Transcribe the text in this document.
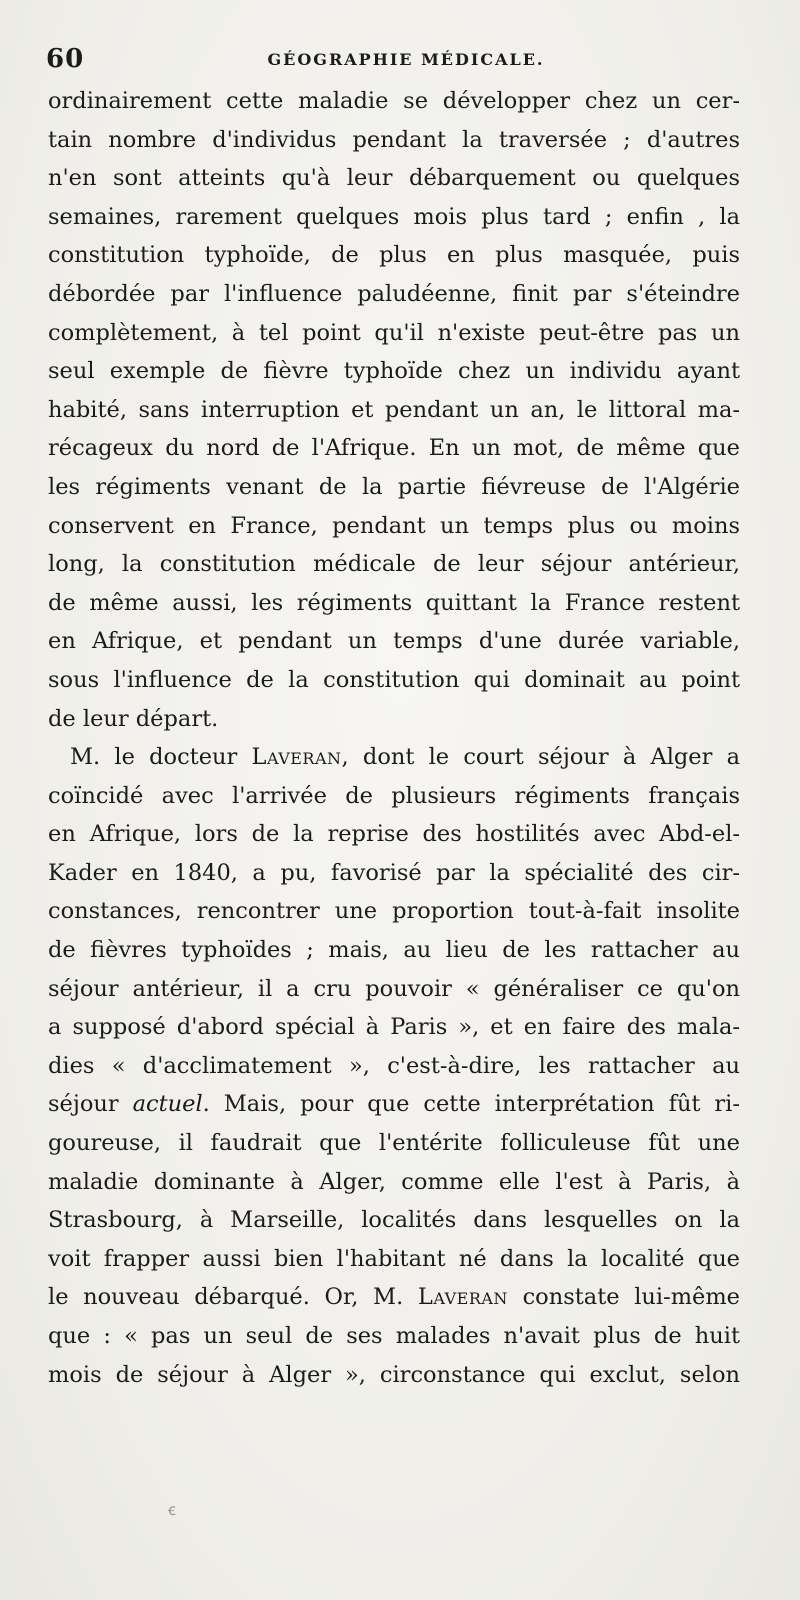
60	GÉOGRAPHIE MÉDICALE.
ordinairement cette maladie se développer chez un cer-
tain nombre d'individus pendant la traversée ; d'autres
n'en sont atteints qu'à leur débarquement ou quelques
semaines, rarement quelques mois plus tard ; enfin , la
constitution typhoïde, de plus en plus masquée, puis
débordée par l'influence paludéenne, finit par s'éteindre
complètement, à tel point qu'il n'existe peut-être pas un
seul exemple de fièvre typhoïde chez un individu ayant
habité, sans interruption et pendant un an, le littoral ma-
récageux du nord de l'Afrique. En un mot, de même que
les régiments venant de la partie fiévreuse de l'Algérie
conservent en France, pendant un temps plus ou moins
long, la constitution médicale de leur séjour antérieur,
de même aussi, les régiments quittant la France restent
en Afrique, et pendant un temps d'une durée variable,
sous l'influence de la constitution qui dominait au point
de leur départ.
M. le docteur Laveran, dont le court séjour à Alger a
coïncidé avec l'arrivée de plusieurs régiments français
en Afrique, lors de la reprise des hostilités avec Abd-el-
Kader en 1840, a pu, favorisé par la spécialité des cir-
constances, rencontrer une proportion tout-à-fait insolite
de fièvres typhoïdes ; mais, au lieu de les rattacher au
séjour antérieur, il a cru pouvoir « généraliser ce qu'on
a supposé d'abord spécial à Paris », et en faire des mala-
dies « d'acclimatement », c'est-à-dire, les rattacher au
séjour actuel. Mais, pour que cette interprétation fût ri-
goureuse, il faudrait que l'entérite folliculeuse fût une
maladie dominante à Alger, comme elle l'est à Paris, à
Strasbourg, à Marseille, localités dans lesquelles on la
voit frapper aussi bien l'habitant né dans la localité que
le nouveau débarqué. Or, M. Laveran constate lui-même
que : « pas un seul de ses malades n'avait plus de huit
mois de séjour à Alger », circonstance qui exclut, selon
ꞓ
